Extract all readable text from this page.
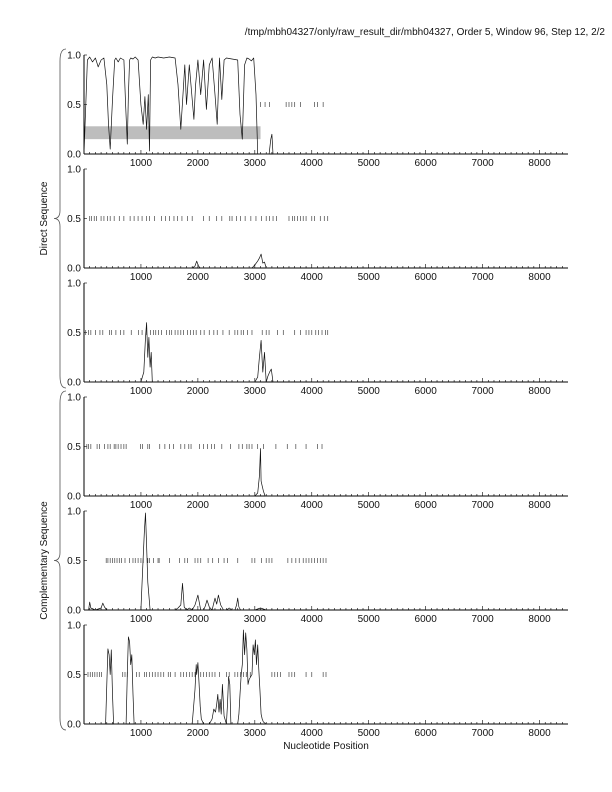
/tmp/mbh04327/only/raw_result_dir/mbh04327, Order 5, Window 96, Step 12, 2/2
1000	2000	3000	4000	5000	6000	7000	8000
0.0
0.5
1.0
1000	2000	3000	4000	5000	6000	7000	8000
0.0
0.5
1.0
1000	2000	3000	4000	5000	6000	7000	8000
0.0
0.5
1.0
1000	2000	3000	4000	5000	6000	7000	8000
0.0
0.5
1.0
1000	2000	3000	4000	5000	6000	7000	8000
0.0
0.5
1.0
1000	2000	3000	4000	5000	6000	7000	8000
0.0
0.5
1.0
Direct Sequence
Complementary Sequence
Nucleotide Position
